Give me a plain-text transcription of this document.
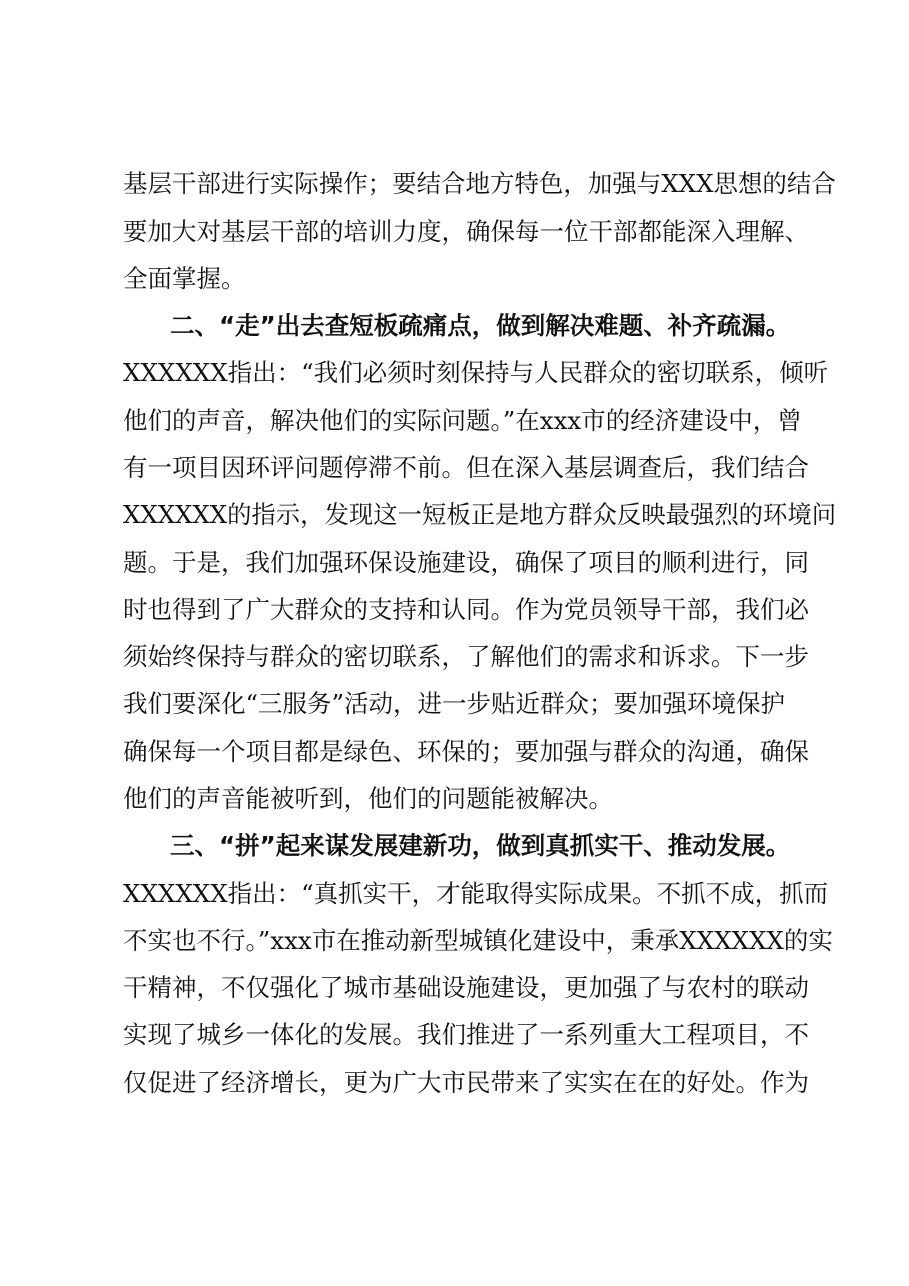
基层干部进行实际操作；要结合地方特色，加强与XXX思想的结合
要加大对基层干部的培训力度，确保每一位干部都能深入理解、
全面掌握。
二、“走”出去查短板疏痛点，做到解决难题、补齐疏漏。
XXXXXX指出：“我们必须时刻保持与人民群众的密切联系，倾听
他们的声音，解决他们的实际问题。”在xxx市的经济建设中，曾
有一项目因环评问题停滞不前。但在深入基层调查后，我们结合
XXXXXX的指示，发现这一短板正是地方群众反映最强烈的环境问
题。于是，我们加强环保设施建设，确保了项目的顺利进行，同
时也得到了广大群众的支持和认同。作为党员领导干部，我们必
须始终保持与群众的密切联系，了解他们的需求和诉求。下一步
我们要深化“三服务”活动，进一步贴近群众；要加强环境保护
确保每一个项目都是绿色、环保的；要加强与群众的沟通，确保
他们的声音能被听到，他们的问题能被解决。
三、“拼”起来谋发展建新功，做到真抓实干、推动发展。
XXXXXX指出：“真抓实干，才能取得实际成果。不抓不成，抓而
不实也不行。”xxx市在推动新型城镇化建设中，秉承XXXXXX的实
干精神，不仅强化了城市基础设施建设，更加强了与农村的联动
实现了城乡一体化的发展。我们推进了一系列重大工程项目，不
仅促进了经济增长，更为广大市民带来了实实在在的好处。作为
